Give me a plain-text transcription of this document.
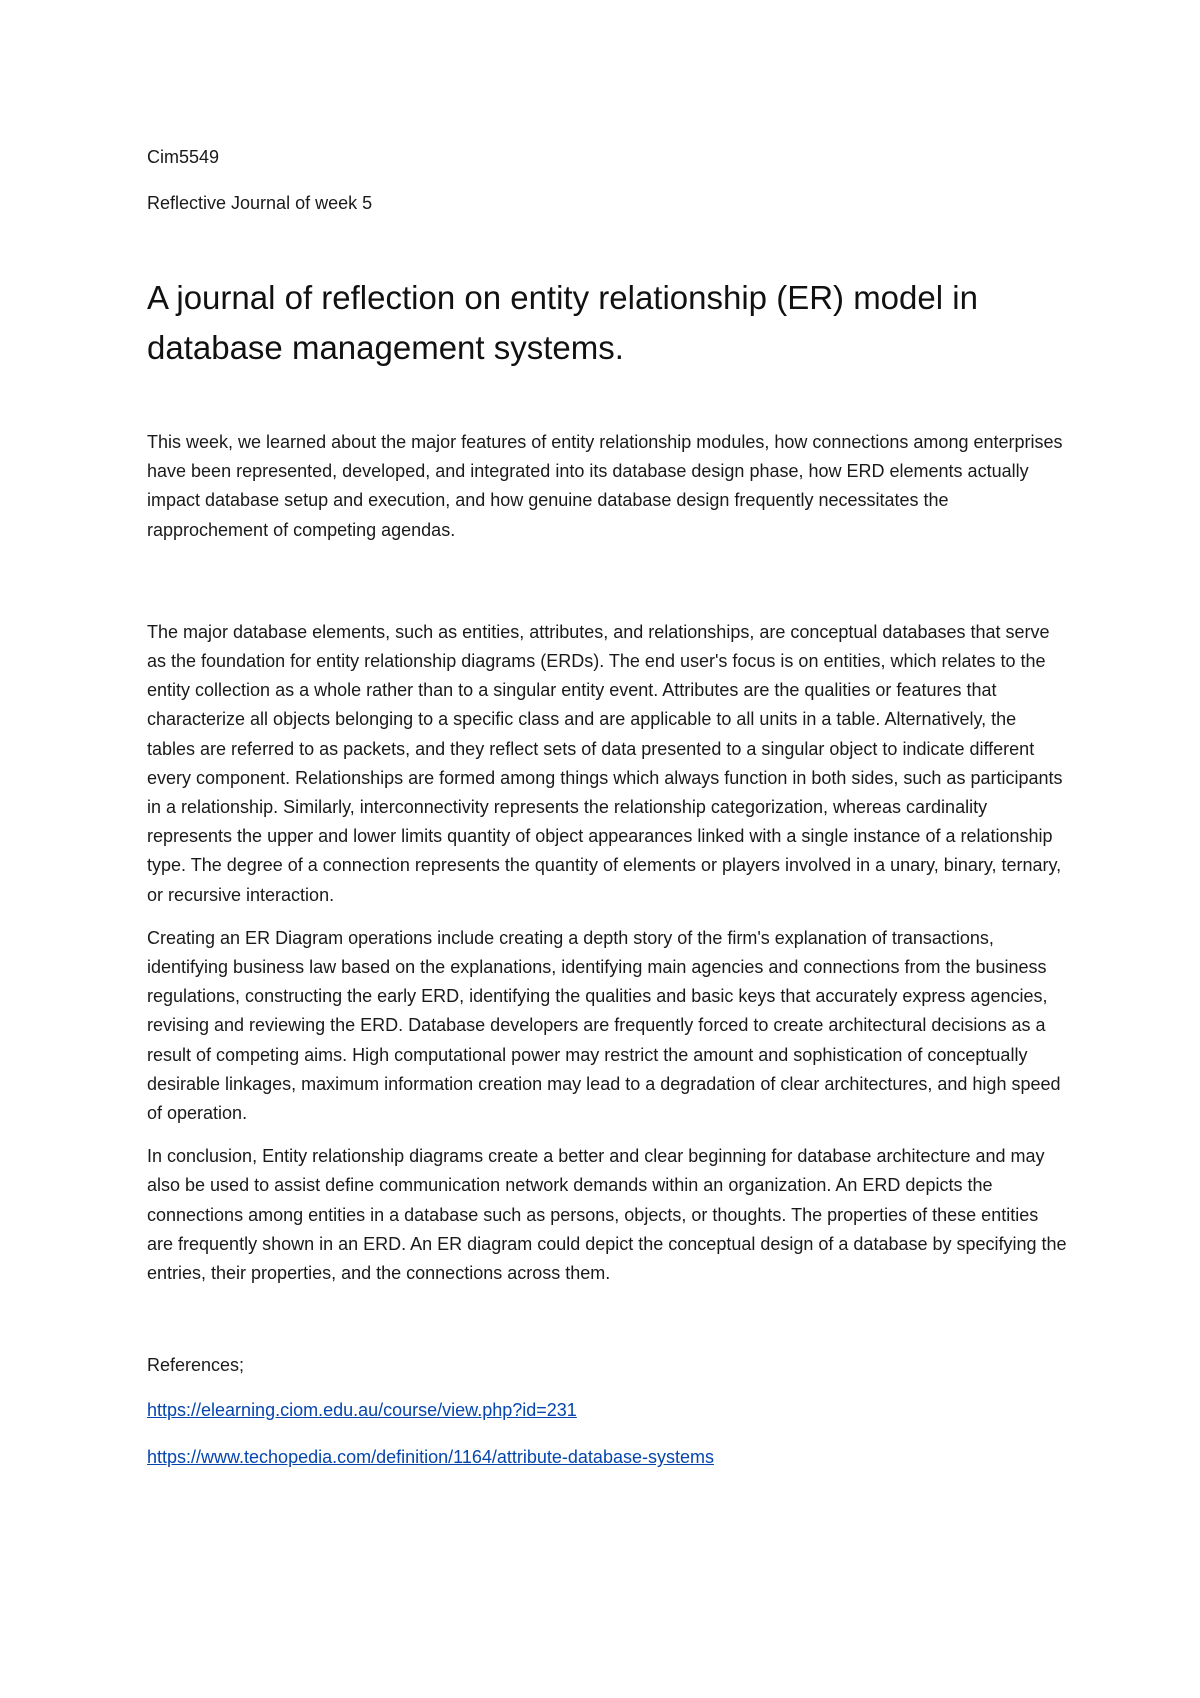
Cim5549

Reflective Journal of week 5

A journal of reflection on entity relationship (ER) model in database management systems.

This week, we learned about the major features of entity relationship modules, how connections among enterprises have been represented, developed, and integrated into its database design phase, how ERD elements actually impact database setup and execution, and how genuine database design frequently necessitates the rapprochement of competing agendas.

The major database elements, such as entities, attributes, and relationships, are conceptual databases that serve as the foundation for entity relationship diagrams (ERDs). The end user's focus is on entities, which relates to the entity collection as a whole rather than to a singular entity event. Attributes are the qualities or features that characterize all objects belonging to a specific class and are applicable to all units in a table. Alternatively, the tables are referred to as packets, and they reflect sets of data presented to a singular object to indicate different every component. Relationships are formed among things which always function in both sides, such as participants in a relationship. Similarly, interconnectivity represents the relationship categorization, whereas cardinality represents the upper and lower limits quantity of object appearances linked with a single instance of a relationship type. The degree of a connection represents the quantity of elements or players involved in a unary, binary, ternary, or recursive interaction.

Creating an ER Diagram operations include creating a depth story of the firm's explanation of transactions, identifying business law based on the explanations, identifying main agencies and connections from the business regulations, constructing the early ERD, identifying the qualities and basic keys that accurately express agencies, revising and reviewing the ERD. Database developers are frequently forced to create architectural decisions as a result of competing aims. High computational power may restrict the amount and sophistication of conceptually desirable linkages, maximum information creation may lead to a degradation of clear architectures, and high speed of operation.

In conclusion, Entity relationship diagrams create a better and clear beginning for database architecture and may also be used to assist define communication network demands within an organization. An ERD depicts the connections among entities in a database such as persons, objects, or thoughts. The properties of these entities are frequently shown in an ERD. An ER diagram could depict the conceptual design of a database by specifying the entries, their properties, and the connections across them.

References;

https://elearning.ciom.edu.au/course/view.php?id=231
https://www.techopedia.com/definition/1164/attribute-database-systems
